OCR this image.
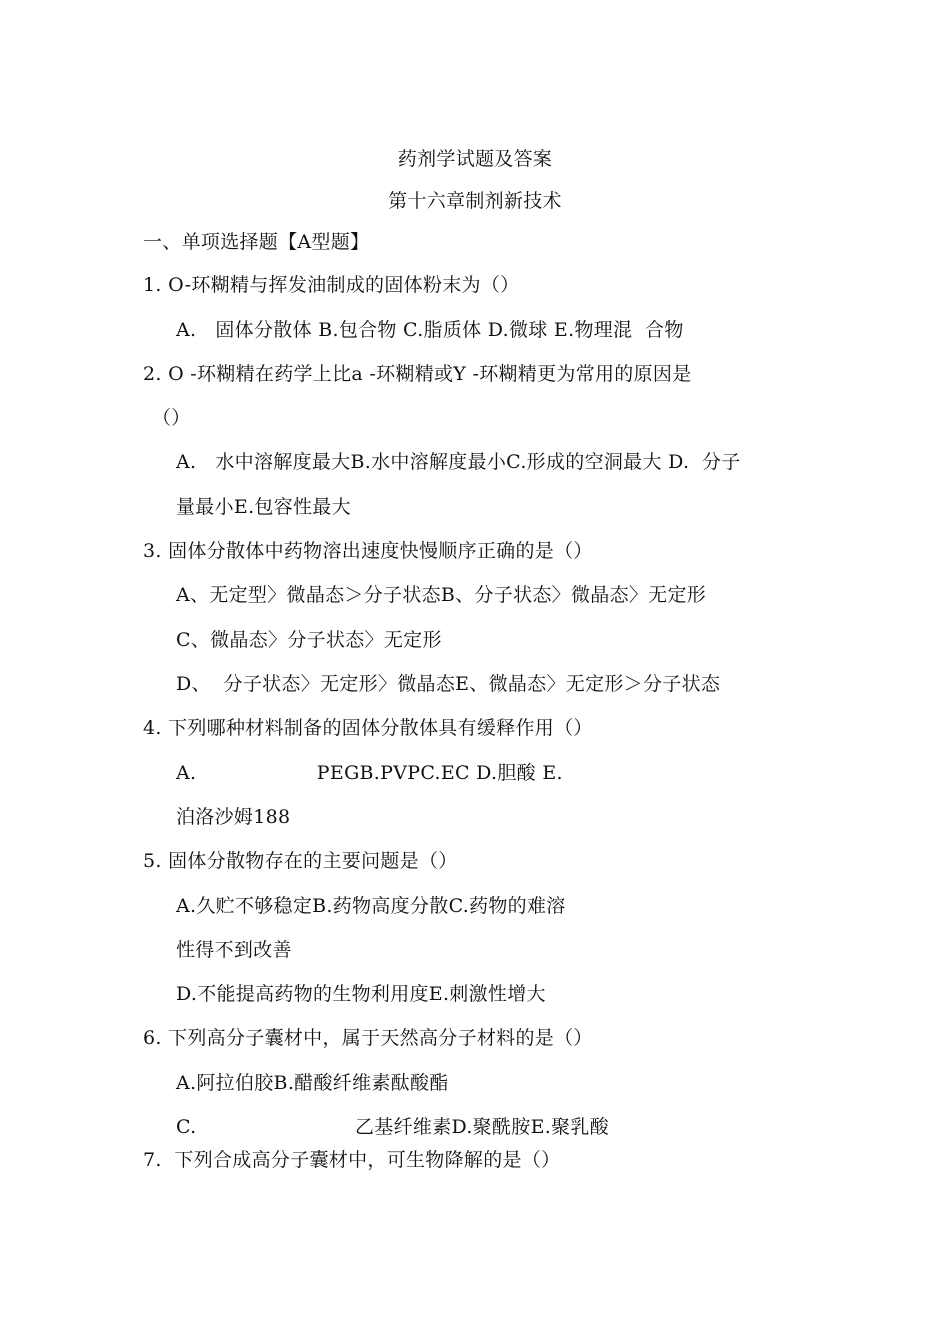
药剂学试题及答案
第十六章制剂新技术
一、单项选择题【A型题】
1. O-环糊精与挥发油制成的固体粉末为（）
A.   固体分散体 B.包合物 C.脂质体 D.微球 E.物理混  合物
2. O -环糊精在药学上比a -环糊精或Y -环糊精更为常用的原因是
（）
A.   水中溶解度最大B.水中溶解度最小C.形成的空洞最大 D.  分子
量最小E.包容性最大
3. 固体分散体中药物溶出速度快慢顺序正确的是（）
A、无定型〉微晶态＞分子状态B、分子状态〉微晶态〉无定形
C、微晶态〉分子状态〉无定形
D、  分子状态〉无定形〉微晶态E、微晶态〉无定形＞分子状态
4. 下列哪种材料制备的固体分散体具有缓释作用（）
A.                   PEGB.PVPC.EC D.胆酸 E.
泊洛沙姆188
5. 固体分散物存在的主要问题是（）
A.久贮不够稳定B.药物高度分散C.药物的难溶
性得不到改善
D.不能提高药物的生物利用度E.刺激性增大
6. 下列高分子囊材中，属于天然高分子材料的是（）
A.阿拉伯胶B.醋酸纤维素酞酸酯
C.                         乙基纤维素D.聚酰胺E.聚乳酸
7.  下列合成高分子囊材中，可生物降解的是（）
